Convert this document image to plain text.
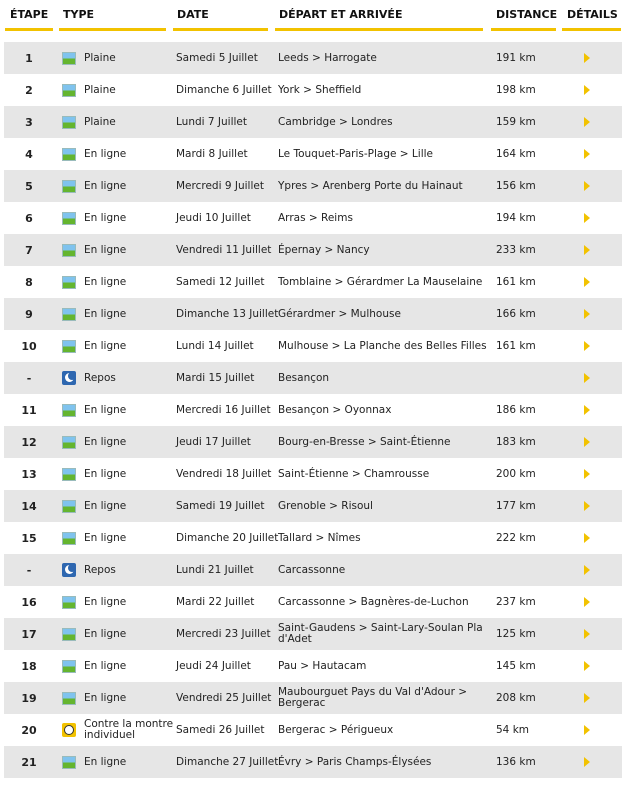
ÉTAPE TYPE	DATE	DÉPART ET ARRIVÉE	DISTANCE DÉTAILS
1	Plaine	Samedi 5 Juillet	Leeds > Harrogate	191 km
2	Plaine	Dimanche 6 Juillet York > Sheffield	198 km
3	Plaine	Lundi 7 Juillet	Cambridge > Londres	159 km
4	En ligne	Mardi 8 Juillet	Le Touquet-Paris-Plage > Lille	164 km
5	En ligne	Mercredi 9 Juillet	Ypres > Arenberg Porte du Hainaut	156 km
6	En ligne	Jeudi 10 Juillet	Arras > Reims	194 km
7	En ligne	Vendredi 11 Juillet Épernay > Nancy	233 km
8	En ligne	Samedi 12 Juillet	Tomblaine > Gérardmer La Mauselaine	161 km
9	En ligne	Dimanche 13 Juillet Gérardmer > Mulhouse	166 km
10	En ligne	Lundi 14 Juillet	Mulhouse > La Planche des Belles Filles 161 km
-	Repos	Mardi 15 Juillet	Besançon
11	En ligne	Mercredi 16 Juillet Besançon > Oyonnax	186 km
12	En ligne	Jeudi 17 Juillet	Bourg-en-Bresse > Saint-Étienne	183 km
13	En ligne	Vendredi 18 Juillet Saint-Étienne > Chamrousse	200 km
14	En ligne	Samedi 19 Juillet	Grenoble > Risoul	177 km
15	En ligne	Dimanche 20 Juillet Tallard > Nîmes	222 km
-	Repos	Lundi 21 Juillet	Carcassonne
16	En ligne	Mardi 22 Juillet	Carcassonne > Bagnères-de-Luchon	237 km
17	En ligne	Mercredi 23 Juillet Saint-Gaudens > Saint-Lary-Soulan Pla d'Adet	125 km
18	En ligne	Jeudi 24 Juillet	Pau > Hautacam	145 km
19	En ligne	Vendredi 25 Juillet Maubourguet Pays du Val d'Adour > Bergerac	208 km
20	Contre la montre individuel	Samedi 26 Juillet	Bergerac > Périgueux	54 km
21	En ligne	Dimanche 27 Juillet Évry > Paris Champs-Élysées	136 km
